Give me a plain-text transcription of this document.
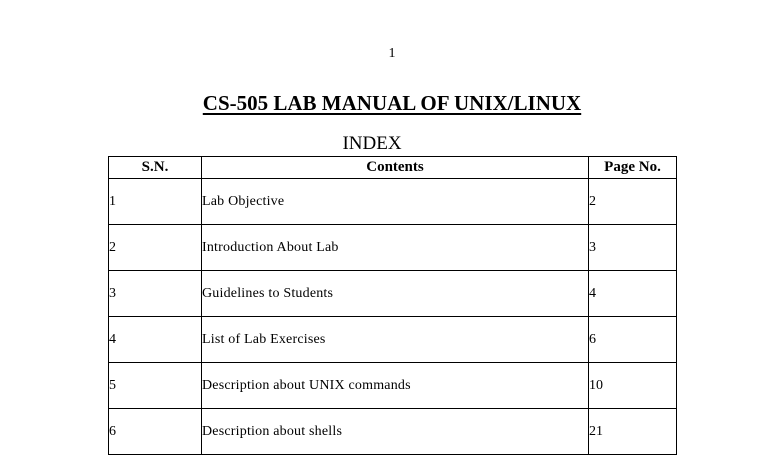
1
CS-505 LAB MANUAL OF UNIX/LINUX
INDEX
S.N.	Contents	Page No.
1	Lab Objective	2
2	Introduction About Lab	3
3	Guidelines to Students	4
4	List of Lab Exercises	6
5	Description about UNIX commands	10
6	Description about shells	21
